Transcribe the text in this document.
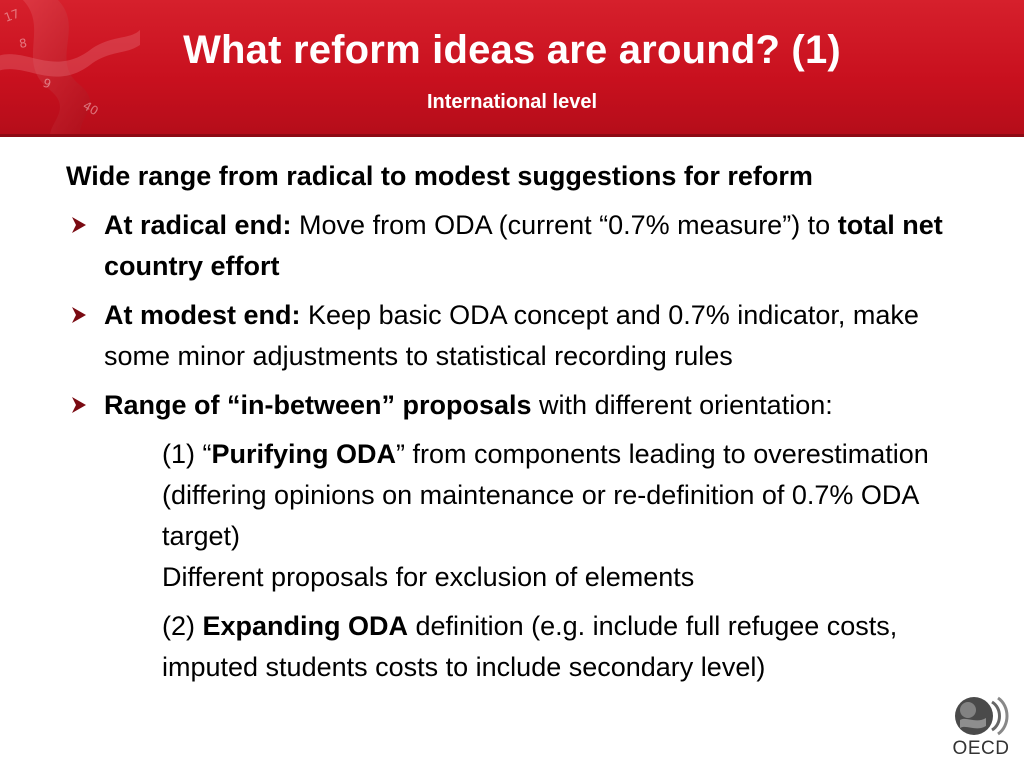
17
8
9
40
What reform ideas are around? (1)
International level

Wide range from radical to modest suggestions for reform

At radical end: Move from ODA (current “0.7% measure”) to total net country effort
At modest end: Keep basic ODA concept and 0.7% indicator, make some minor adjustments to statistical recording rules
Range of “in-between” proposals with different orientation:
(1) “Purifying ODA” from components leading to overestimation (differing opinions on maintenance or re-definition of 0.7% ODA target)
Different proposals for exclusion of elements
(2) Expanding ODA definition (e.g. include full refugee costs, imputed students costs to include secondary level)
OECD
